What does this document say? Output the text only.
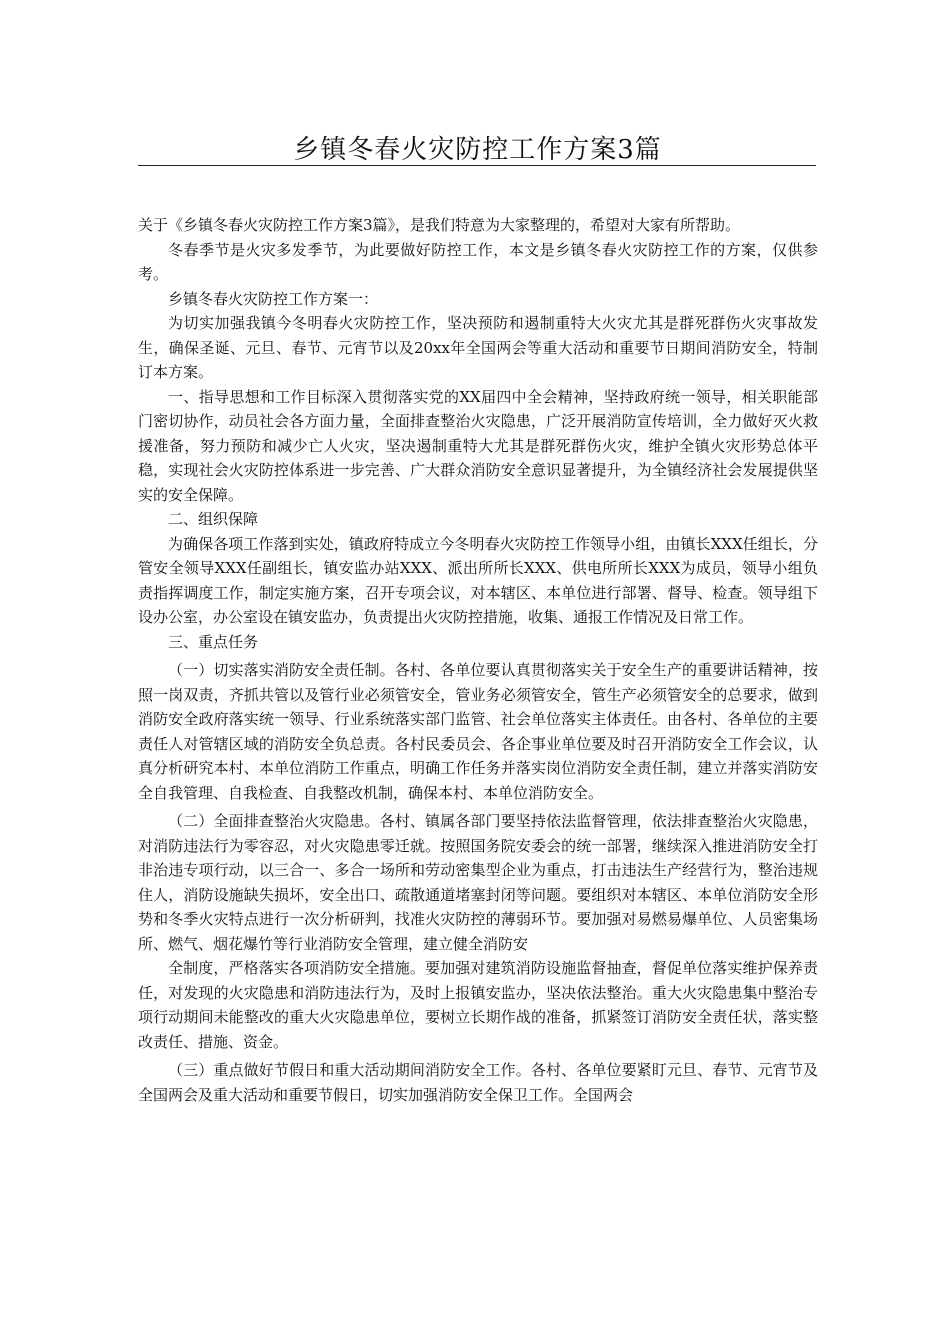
乡镇冬春火灾防控工作方案3篇

关于《乡镇冬春火灾防控工作方案3篇》，是我们特意为大家整理的，希望对大家有所帮助。

冬春季节是火灾多发季节，为此要做好防控工作，本文是乡镇冬春火灾防控工作的方案，仅供参考。

乡镇冬春火灾防控工作方案一：

为切实加强我镇今冬明春火灾防控工作，坚决预防和遏制重特大火灾尤其是群死群伤火灾事故发生，确保圣诞、元旦、春节、元宵节以及20xx年全国两会等重大活动和重要节日期间消防安全，特制订本方案。

一、指导思想和工作目标深入贯彻落实党的XX届四中全会精神，坚持政府统一领导，相关职能部门密切协作，动员社会各方面力量，全面排查整治火灾隐患，广泛开展消防宣传培训，全力做好灭火救援准备，努力预防和减少亡人火灾，坚决遏制重特大尤其是群死群伤火灾，维护全镇火灾形势总体平稳，实现社会火灾防控体系进一步完善、广大群众消防安全意识显著提升，为全镇经济社会发展提供坚实的安全保障。

二、组织保障

为确保各项工作落到实处，镇政府特成立今冬明春火灾防控工作领导小组，由镇长XXX任组长，分管安全领导XXX任副组长，镇安监办站XXX、派出所所长XXX、供电所所长XXX为成员，领导小组负责指挥调度工作，制定实施方案，召开专项会议，对本辖区、本单位进行部署、督导、检查。领导组下设办公室，办公室设在镇安监办，负责提出火灾防控措施，收集、通报工作情况及日常工作。

三、重点任务

（一）切实落实消防安全责任制。各村、各单位要认真贯彻落实关于安全生产的重要讲话精神，按照一岗双责，齐抓共管以及管行业必须管安全，管业务必须管安全，管生产必须管安全的总要求，做到消防安全政府落实统一领导、行业系统落实部门监管、社会单位落实主体责任。由各村、各单位的主要责任人对管辖区域的消防安全负总责。各村民委员会、各企事业单位要及时召开消防安全工作会议，认真分析研究本村、本单位消防工作重点，明确工作任务并落实岗位消防安全责任制，建立并落实消防安全自我管理、自我检查、自我整改机制，确保本村、本单位消防安全。

（二）全面排查整治火灾隐患。各村、镇属各部门要坚持依法监督管理，依法排查整治火灾隐患，对消防违法行为零容忍，对火灾隐患零迁就。按照国务院安委会的统一部署，继续深入推进消防安全打非治违专项行动，以三合一、多合一场所和劳动密集型企业为重点，打击违法生产经营行为，整治违规住人，消防设施缺失损坏，安全出口、疏散通道堵塞封闭等问题。要组织对本辖区、本单位消防安全形势和冬季火灾特点进行一次分析研判，找准火灾防控的薄弱环节。要加强对易燃易爆单位、人员密集场所、燃气、烟花爆竹等行业消防安全管理，建立健全消防安

全制度，严格落实各项消防安全措施。要加强对建筑消防设施监督抽查，督促单位落实维护保养责任，对发现的火灾隐患和消防违法行为，及时上报镇安监办，坚决依法整治。重大火灾隐患集中整治专项行动期间未能整改的重大火灾隐患单位，要树立长期作战的准备，抓紧签订消防安全责任状，落实整改责任、措施、资金。

（三）重点做好节假日和重大活动期间消防安全工作。各村、各单位要紧盯元旦、春节、元宵节及全国两会及重大活动和重要节假日，切实加强消防安全保卫工作。全国两会
